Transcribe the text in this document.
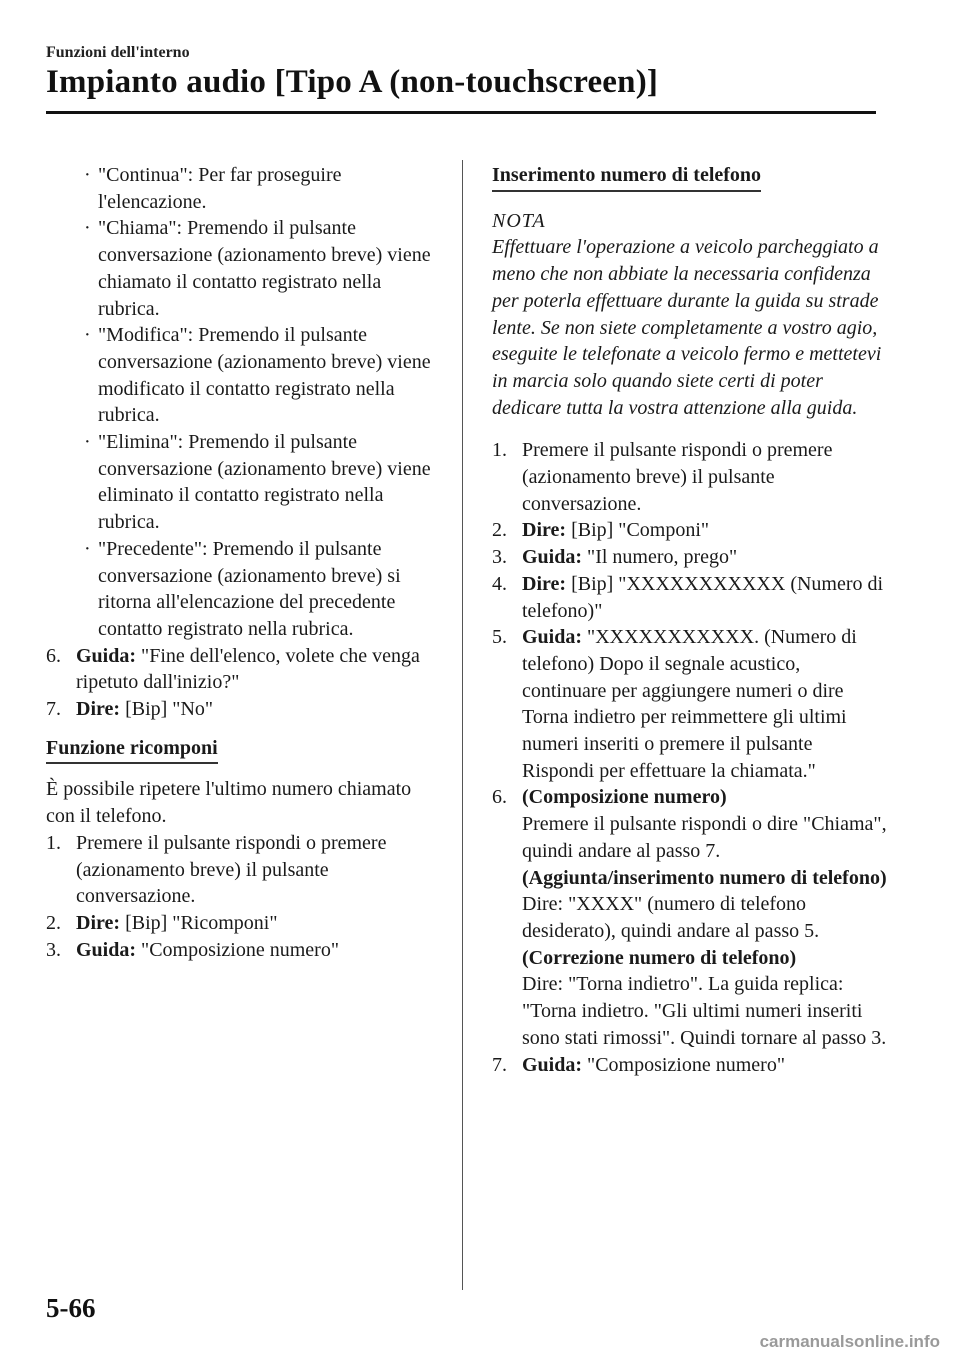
Funzioni dell'interno
Impianto audio [Tipo A (non-touchscreen)]
· "Continua": Per far proseguire l'elencazione.
· "Chiama": Premendo il pulsante conversazione (azionamento breve) viene chiamato il contatto registrato nella rubrica.
· "Modifica": Premendo il pulsante conversazione (azionamento breve) viene modificato il contatto registrato nella rubrica.
· "Elimina": Premendo il pulsante conversazione (azionamento breve) viene eliminato il contatto registrato nella rubrica.
· "Precedente": Premendo il pulsante conversazione (azionamento breve) si ritorna all'elencazione del precedente contatto registrato nella rubrica.
6. Guida: "Fine dell'elenco, volete che venga ripetuto dall'inizio?"
7. Dire: [Bip] "No"
Funzione ricomponi
È possibile ripetere l'ultimo numero chiamato con il telefono.
1. Premere il pulsante rispondi o premere (azionamento breve) il pulsante conversazione.
2. Dire: [Bip] "Ricomponi"
3. Guida: "Composizione numero"
Inserimento numero di telefono
NOTA
Effettuare l'operazione a veicolo parcheggiato a meno che non abbiate la necessaria confidenza per poterla effettuare durante la guida su strade lente. Se non siete completamente a vostro agio, eseguite le telefonate a veicolo fermo e mettetevi in marcia solo quando siete certi di poter dedicare tutta la vostra attenzione alla guida.
1. Premere il pulsante rispondi o premere (azionamento breve) il pulsante conversazione.
2. Dire: [Bip] "Componi"
3. Guida: "Il numero, prego"
4. Dire: [Bip] "XXXXXXXXXXX (Numero di telefono)"
5. Guida: "XXXXXXXXXXX. (Numero di telefono) Dopo il segnale acustico, continuare per aggiungere numeri o dire Torna indietro per reimmettere gli ultimi numeri inseriti o premere il pulsante Rispondi per effettuare la chiamata."
6. (Composizione numero)
Premere il pulsante rispondi o dire "Chiama", quindi andare al passo 7.
(Aggiunta/inserimento numero di telefono)
Dire: "XXXX" (numero di telefono desiderato), quindi andare al passo 5.
(Correzione numero di telefono)
Dire: "Torna indietro". La guida replica: "Torna indietro. "Gli ultimi numeri inseriti sono stati rimossi". Quindi tornare al passo 3.
7. Guida: "Composizione numero"
5-66
carmanualsonline.info
